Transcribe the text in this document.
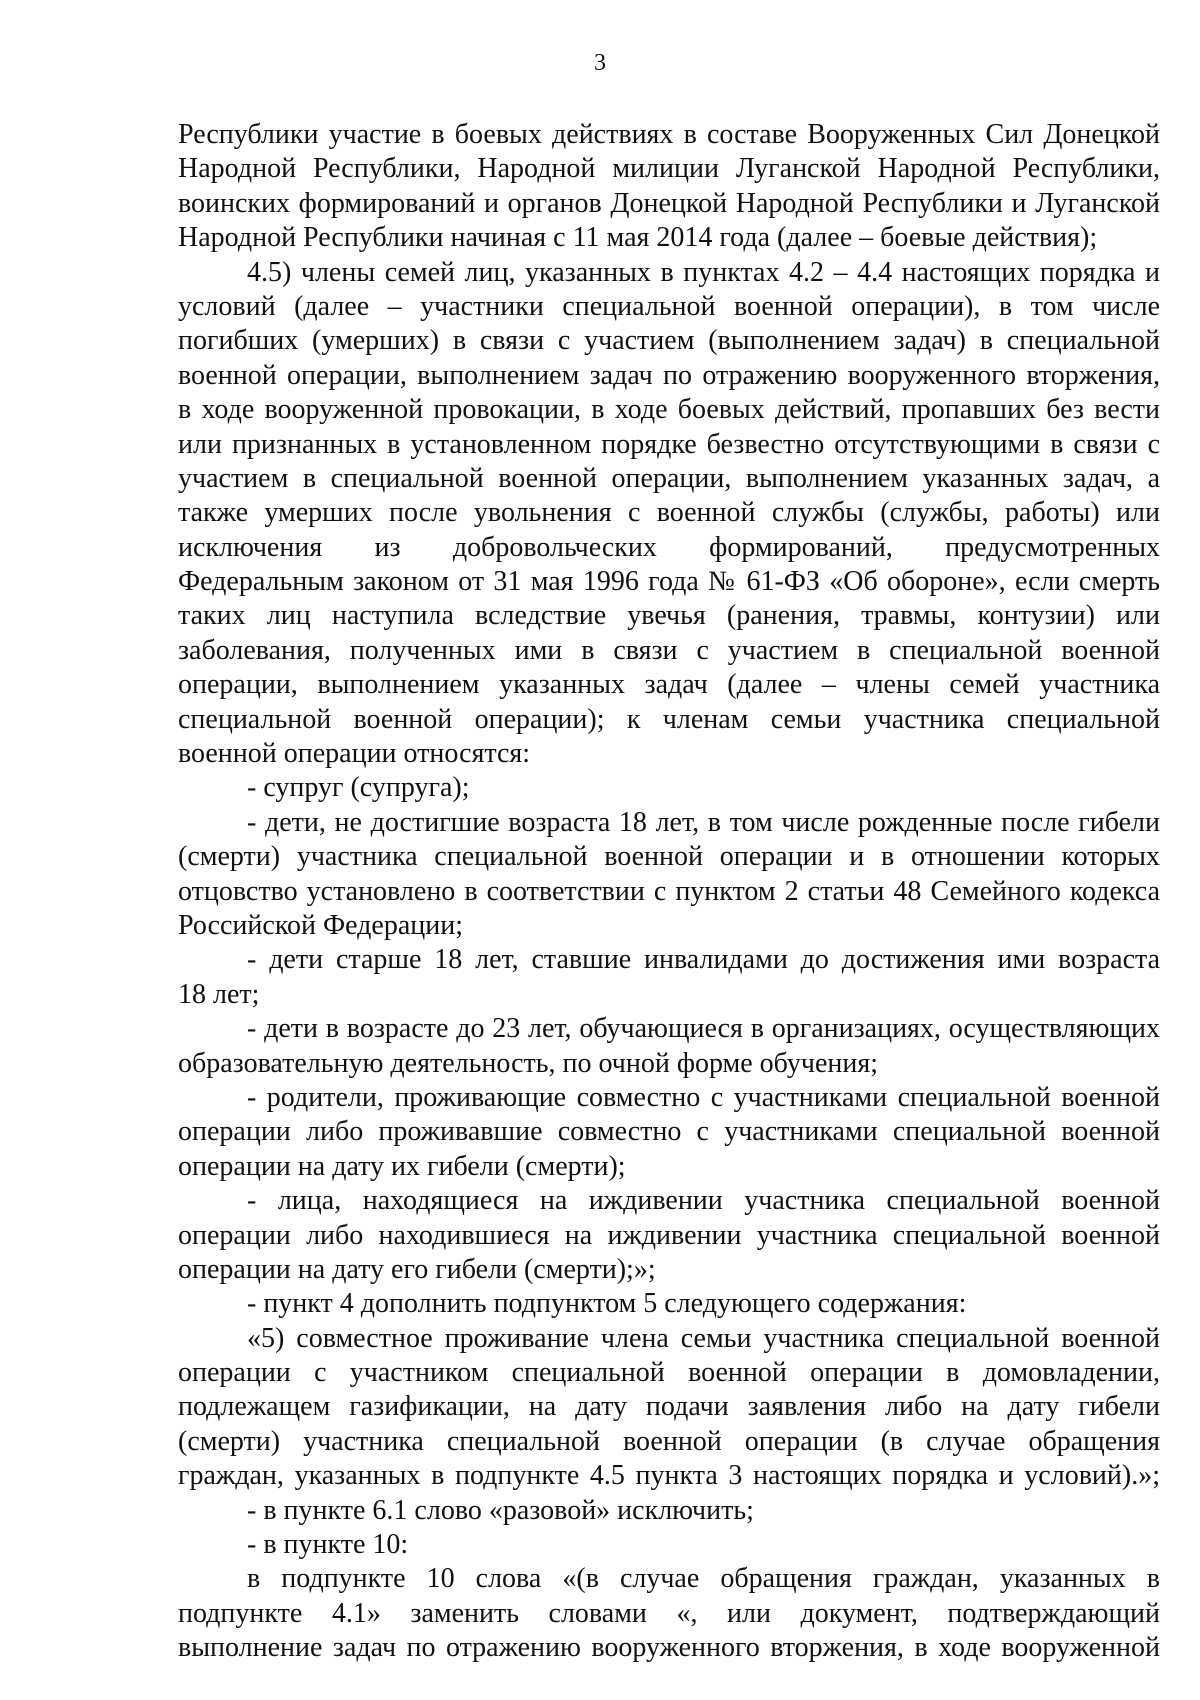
3
Республики участие в боевых действиях в составе Вооруженных Сил Донецкой
Народной Республики, Народной милиции Луганской Народной Республики,
воинских формирований и органов Донецкой Народной Республики и Луганской
Народной Республики начиная с 11 мая 2014 года (далее – боевые действия);
4.5) члены семей лиц, указанных в пунктах 4.2 – 4.4 настоящих порядка и
условий (далее – участники специальной военной операции), в том числе
погибших (умерших) в связи с участием (выполнением задач) в специальной
военной операции, выполнением задач по отражению вооруженного вторжения,
в ходе вооруженной провокации, в ходе боевых действий, пропавших без вести
или признанных в установленном порядке безвестно отсутствующими в связи с
участием в специальной военной операции, выполнением указанных задач, а
также умерших после увольнения с военной службы (службы, работы) или
исключения из добровольческих формирований, предусмотренных
Федеральным законом от 31 мая 1996 года № 61-ФЗ «Об обороне», если смерть
таких лиц наступила вследствие увечья (ранения, травмы, контузии) или
заболевания, полученных ими в связи с участием в специальной военной
операции, выполнением указанных задач (далее – члены семей участника
специальной военной операции); к членам семьи участника специальной
военной операции относятся:
- супруг (супруга);
- дети, не достигшие возраста 18 лет, в том числе рожденные после гибели
(смерти) участника специальной военной операции и в отношении которых
отцовство установлено в соответствии с пунктом 2 статьи 48 Семейного кодекса
Российской Федерации;
- дети старше 18 лет, ставшие инвалидами до достижения ими возраста
18 лет;
- дети в возрасте до 23 лет, обучающиеся в организациях, осуществляющих
образовательную деятельность, по очной форме обучения;
- родители, проживающие совместно с участниками специальной военной
операции либо проживавшие совместно с участниками специальной военной
операции на дату их гибели (смерти);
- лица, находящиеся на иждивении участника специальной военной
операции либо находившиеся на иждивении участника специальной военной
операции на дату его гибели (смерти);»;
- пункт 4 дополнить подпунктом 5 следующего содержания:
«5) совместное проживание члена семьи участника специальной военной
операции с участником специальной военной операции в домовладении,
подлежащем газификации, на дату подачи заявления либо на дату гибели
(смерти) участника специальной военной операции (в случае обращения
граждан, указанных в подпункте 4.5 пункта 3 настоящих порядка и условий).»;
- в пункте 6.1 слово «разовой» исключить;
- в пункте 10:
в подпункте 10 слова «(в случае обращения граждан, указанных в
подпункте 4.1» заменить словами «, или документ, подтверждающий
выполнение задач по отражению вооруженного вторжения, в ходе вооруженной
